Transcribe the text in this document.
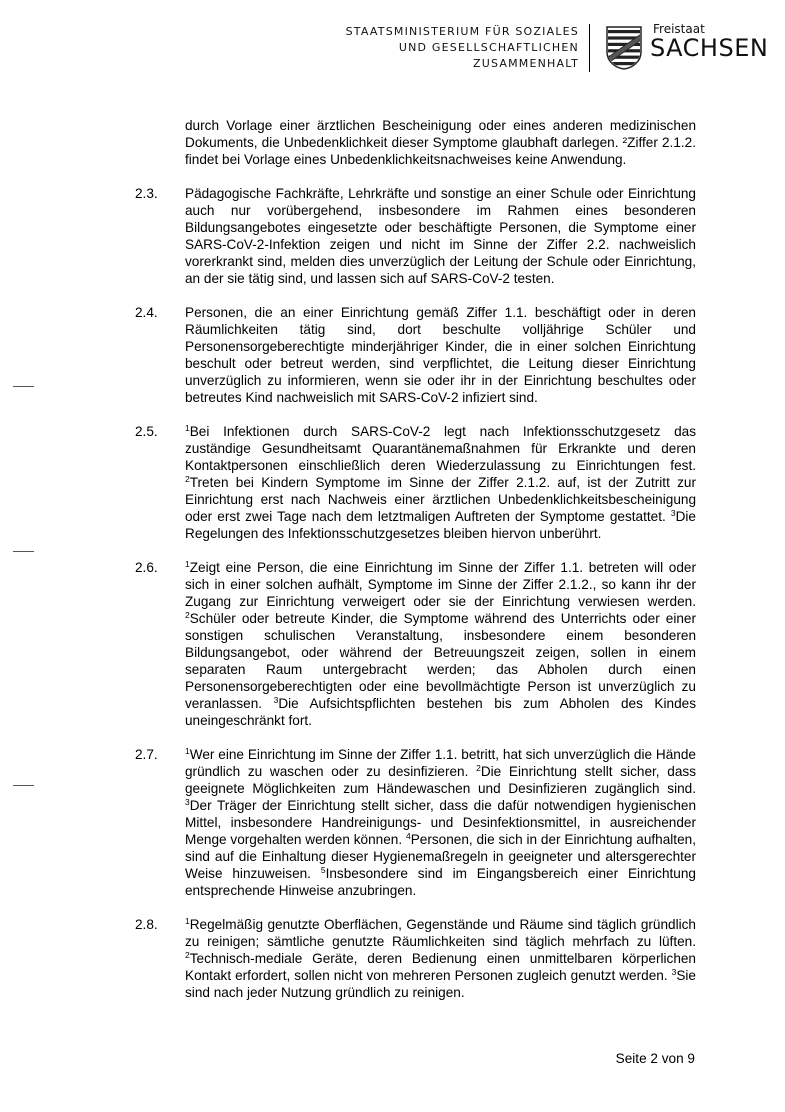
STAATSMINISTERIUM FÜR SOZIALES
UND GESELLSCHAFTLICHEN
ZUSAMMENHALT
Freistaat
SACHSEN
durch Vorlage einer ärztlichen Bescheinigung oder eines anderen medizinischen Dokuments, die Unbedenklichkeit dieser Symptome glaubhaft darlegen. ²Ziffer 2.1.2. findet bei Vorlage eines Unbedenklichkeitsnachweises keine Anwendung.
2.3.	Pädagogische Fachkräfte, Lehrkräfte und sonstige an einer Schule oder Einrichtung auch nur vorübergehend, insbesondere im Rahmen eines besonderen Bildungsangebotes eingesetzte oder beschäftigte Personen, die Symptome einer SARS-CoV-2-Infektion zeigen und nicht im Sinne der Ziffer 2.2. nachweislich vorerkrankt sind, melden dies unverzüglich der Leitung der Schule oder Einrichtung, an der sie tätig sind, und lassen sich auf SARS-CoV-2 testen.
2.4.	Personen, die an einer Einrichtung gemäß Ziffer 1.1. beschäftigt oder in deren Räumlichkeiten tätig sind, dort beschulte volljährige Schüler und Personensorgeberechtigte minderjähriger Kinder, die in einer solchen Einrichtung beschult oder betreut werden, sind verpflichtet, die Leitung dieser Einrichtung unverzüglich zu informieren, wenn sie oder ihr in der Einrichtung beschultes oder betreutes Kind nachweislich mit SARS-CoV-2 infiziert sind.
2.5.	$^1$Bei Infektionen durch SARS-CoV-2 legt nach Infektionsschutzgesetz das zuständige Gesundheitsamt Quarantänemaßnahmen für Erkrankte und deren Kontaktpersonen einschließlich deren Wiederzulassung zu Einrichtungen fest. $^2$Treten bei Kindern Symptome im Sinne der Ziffer 2.1.2. auf, ist der Zutritt zur Einrichtung erst nach Nachweis einer ärztlichen Unbedenklichkeitsbescheinigung oder erst zwei Tage nach dem letztmaligen Auftreten der Symptome gestattet. $^3$Die Regelungen des Infektionsschutzgesetzes bleiben hiervon unberührt.
2.6.	$^1$Zeigt eine Person, die eine Einrichtung im Sinne der Ziffer 1.1. betreten will oder sich in einer solchen aufhält, Symptome im Sinne der Ziffer 2.1.2., so kann ihr der Zugang zur Einrichtung verweigert oder sie der Einrichtung verwiesen werden. $^2$Schüler oder betreute Kinder, die Symptome während des Unterrichts oder einer sonstigen schulischen Veranstaltung, insbesondere einem besonderen Bildungsangebot, oder während der Betreuungszeit zeigen, sollen in einem separaten Raum untergebracht werden; das Abholen durch einen Personensorgeberechtigten oder eine bevollmächtigte Person ist unverzüglich zu veranlassen. $^3$Die Aufsichtspflichten bestehen bis zum Abholen des Kindes uneingeschränkt fort.
2.7.	$^1$Wer eine Einrichtung im Sinne der Ziffer 1.1. betritt, hat sich unverzüglich die Hände gründlich zu waschen oder zu desinfizieren. $^2$Die Einrichtung stellt sicher, dass geeignete Möglichkeiten zum Händewaschen und Desinfizieren zugänglich sind. $^3$Der Träger der Einrichtung stellt sicher, dass die dafür notwendigen hygienischen Mittel, insbesondere Handreinigungs- und Desinfektionsmittel, in ausreichender Menge vorgehalten werden können. $^4$Personen, die sich in der Einrichtung aufhalten, sind auf die Einhaltung dieser Hygienemaßregeln in geeigneter und altersgerechter Weise hinzuweisen. $^5$Insbesondere sind im Eingangsbereich einer Einrichtung entsprechende Hinweise anzubringen.
2.8.	$^1$Regelmäßig genutzte Oberflächen, Gegenstände und Räume sind täglich gründlich zu reinigen; sämtliche genutzte Räumlichkeiten sind täglich mehrfach zu lüften. $^2$Technisch-mediale Geräte, deren Bedienung einen unmittelbaren körperlichen Kontakt erfordert, sollen nicht von mehreren Personen zugleich genutzt werden. $^3$Sie sind nach jeder Nutzung gründlich zu reinigen.
Seite 2 von 9
